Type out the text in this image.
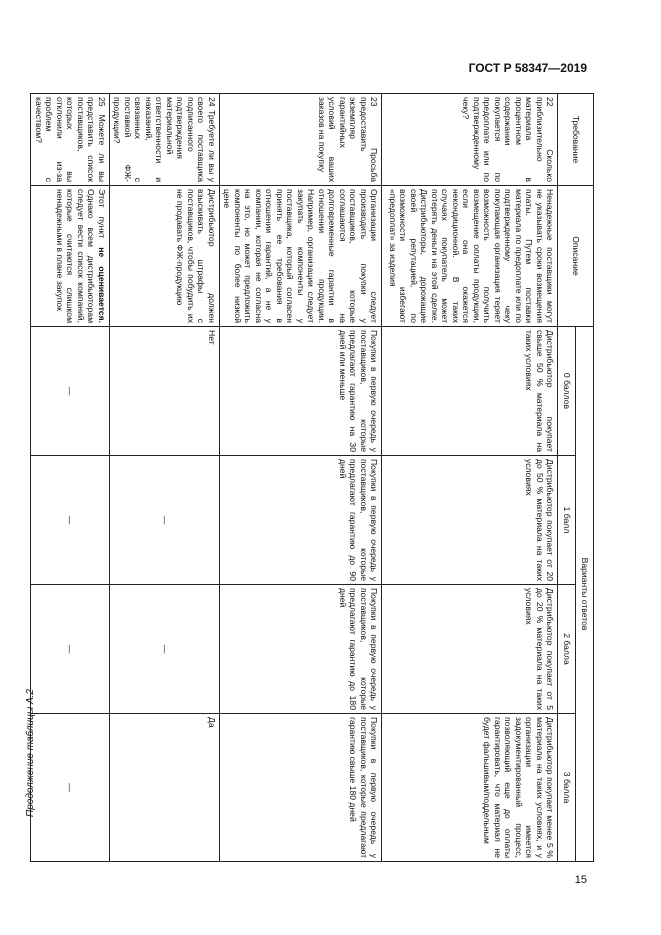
ГОСТ Р 58347—2019
Продолжение таблицы А.2
Требование	Описание	Варианты ответов			
		0 баллов	1 балл	2 балла	3 балла
22 Сколько приблизительно материала в процентном содержании покупается по предоплате или по подтвержденному чеку?	Ненадежные поставщики могут не указывать сроки возмещения платы. Путем поставки материала по предоплате или по подтвержденному чеку покупающая организация теряет возможность получить возмещение оплаты продукции, если она окажется некондиционной. В таких случаях покупатель может потерять деньги на этой сделке. Дистрибьюторы, дорожащие своей репутацией, по возможности избегают «предоплат» за изделия	Дистрибьютор покупает свыше 50 % материала на таких условиях	Дистрибьютор покупает от 20 до 50 % материала на таких условиях	Дистрибьютор покупает от 5 до 20 % материала на таких условиях	Дистрибьютор покупает менее 5 % материала на таких условиях, и у организации имеется задокументированный процесс, позволяющий еще до оплаты гарантировать, что материал не будет фальшивым/поддельным
23 Просьба предоставить экземпляр гарантийных условий ваших заказов на покупку	Организации следует производить покупки у поставщиков, которые соглашаются на долговременные гарантии в отношении продукции. Например, организации следует закупать компоненты у поставщика, который согласен принять ее требования в отношении гарантий, а не у компании, которая не согласна на это, но может предложить компоненты по более низкой цене	Покупки в первую очередь у поставщиков, которые предлагают гарантию на 30 дней или меньше	Покупки в первую очередь у поставщиков, которые предлагают гарантию до 90 дней	Покупки в первую очередь у поставщиков, которые предлагают гарантию до 180 дней	Покупки в первую очередь у поставщиков, которые предлагают гарантию свыше 180 дней
24 Требуете ли вы у своего поставщика подписанного подтверждения материальной ответственности и наказаний, связанных с поставкой ФЖ-продукции?	Дистрибьютор должен взыскивать штрафы с поставщиков, чтобы побудить их не продавать ФЖ-продукцию	Нет	—	—	Да
25 Можете ли вы представить список поставщиков, которых вы отклонили из-за проблем с качеством?	Этот пункт не оценивается. Однако всем дистрибьюторам следует вести список компаний, которые считаются слишком ненадежными в плане закупок	—	—	—	—
15
